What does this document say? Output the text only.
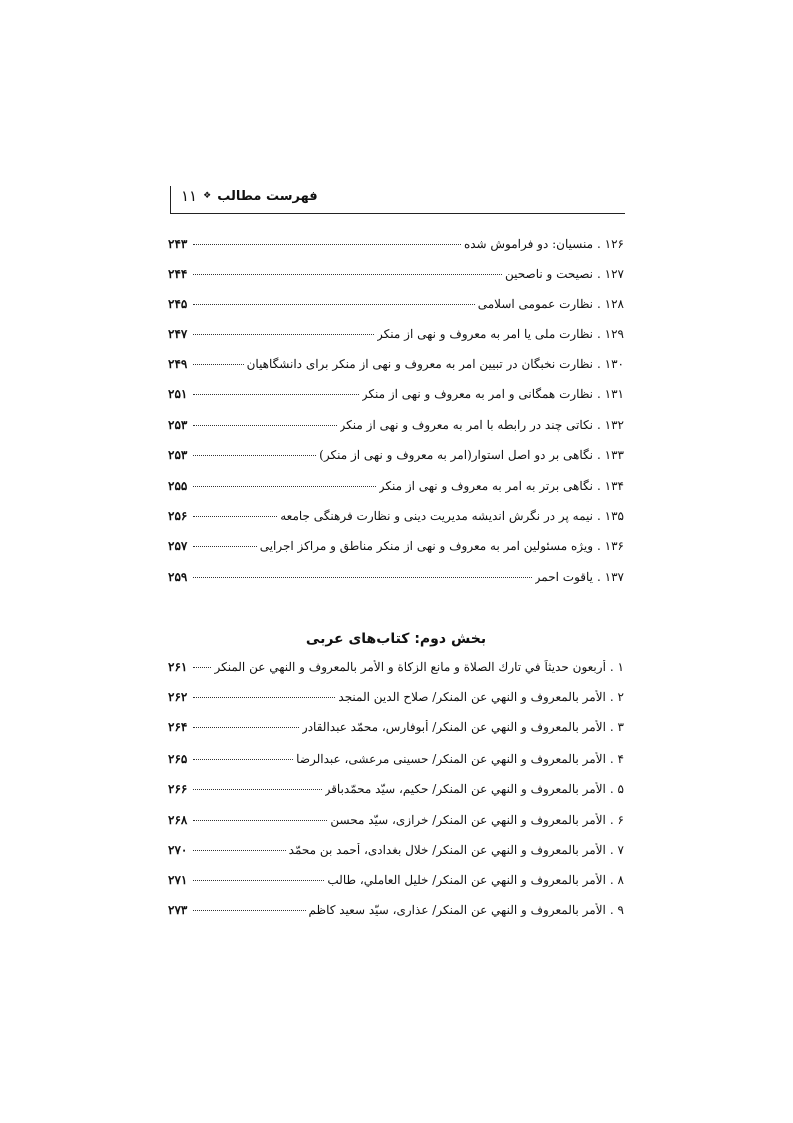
فهرست مطالب
❖
۱۱
۱۲۶ .
منسیان: دو فراموش شده
۲۴۳
۱۲۷ .
نصیحت و ناصحین
۲۴۴
۱۲۸ .
نظارت عمومی اسلامی
۲۴۵
۱۲۹ .
نظارت ملی یا امر به معروف و نهی از منکر
۲۴۷
۱۳۰ .
نظارت نخبگان در تبیین امر به معروف و نهی از منکر برای دانشگاهیان
۲۴۹
۱۳۱ .
نظارت همگانی و امر به معروف و نهی از منکر
۲۵۱
۱۳۲ .
نکاتی چند در رابطه با امر به معروف و نهی از منکر
۲۵۳
۱۳۳ .
نگاهی بر دو اصل استوار(امر به معروف و نهی از منکر)
۲۵۳
۱۳۴ .
نگاهی برتر به امر به معروف و نهی از منکر
۲۵۵
۱۳۵ .
نیمه پر در نگرش اندیشه مدیریت دینی و نظارت فرهنگی جامعه
۲۵۶
۱۳۶ .
ویژه مسئولین امر به معروف و نهی از منکر مناطق و مراکز اجرایی
۲۵۷
۱۳۷ .
یاقوت احمر
۲۵۹
بخش دوم: کتاب‌های عربی
۱ .
أربعون حدیثاً في تارك الصلاة و مانع الزكاة و الأمر بالمعروف و النهي عن المنكر
۲۶۱
۲ .
الأمر بالمعروف و النهي عن المنكر/ صلاح الدين المنجد
۲۶۲
۳ .
الأمر بالمعروف و النهي عن المنكر/ أبوفارس، محمّد عبدالقادر
۲۶۴
۴ .
الأمر بالمعروف و النهي عن المنكر/ حسینی مرعشی، عبدالرضا
۲۶۵
۵ .
الأمر بالمعروف و النهي عن المنكر/ حکیم، سیّد محمّدباقر
۲۶۶
۶ .
الأمر بالمعروف و النهي عن المنكر/ خرازی، سیّد محسن
۲۶۸
۷ .
الأمر بالمعروف و النهي عن المنكر/ خلال بغدادی، أحمد بن محمّد
۲۷۰
۸ .
الأمر بالمعروف و النهي عن المنكر/ خلیل العاملي، طالب
۲۷۱
۹ .
الأمر بالمعروف و النهي عن المنكر/ عذاری، سیّد سعید کاظم
۲۷۳
